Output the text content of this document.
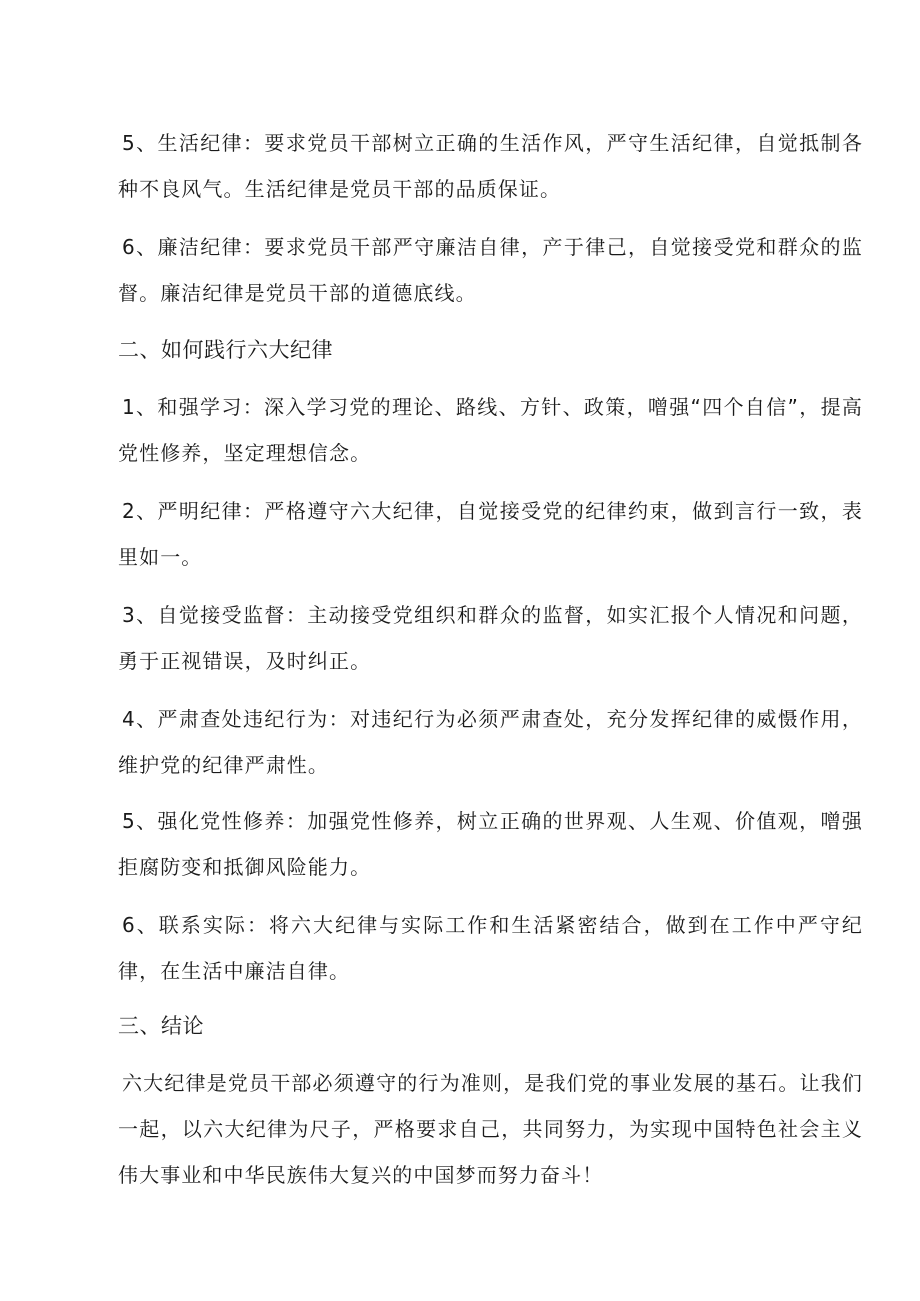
5、生活纪律：要求党员干部树立正确的生活作风，严守生活纪律，自觉抵制各种不良风气。生活纪律是党员干部的品质保证。

6、廉洁纪律：要求党员干部严守廉洁自律，产于律己，自觉接受党和群众的监督。廉洁纪律是党员干部的道德底线。

二、如何践行六大纪律

1、和强学习：深入学习党的理论、路线、方针、政策，噌强“四个自信”，提高党性修养，坚定理想信念。

2、严明纪律：严格遵守六大纪律，自觉接受党的纪律约束，做到言行一致，表里如一。

3、自觉接受监督：主动接受党组织和群众的监督，如实汇报个人情况和问题，勇于正视错误，及时纠正。

4、严肃查处违纪行为：对违纪行为必须严肃查处，充分发挥纪律的威慑作用，维护党的纪律严肃性。

5、强化党性修养：加强党性修养，树立正确的世界观、人生观、价值观，噌强拒腐防变和抵御风险能力。

6、联系实际：将六大纪律与实际工作和生活紧密结合，做到在工作中严守纪律，在生活中廉洁自律。

三、结论

六大纪律是党员干部必须遵守的行为准则，是我们党的事业发展的基石。让我们一起，以六大纪律为尺子，严格要求自己，共同努力，为实现中国特色社会主义伟大事业和中华民族伟大复兴的中国梦而努力奋斗！
